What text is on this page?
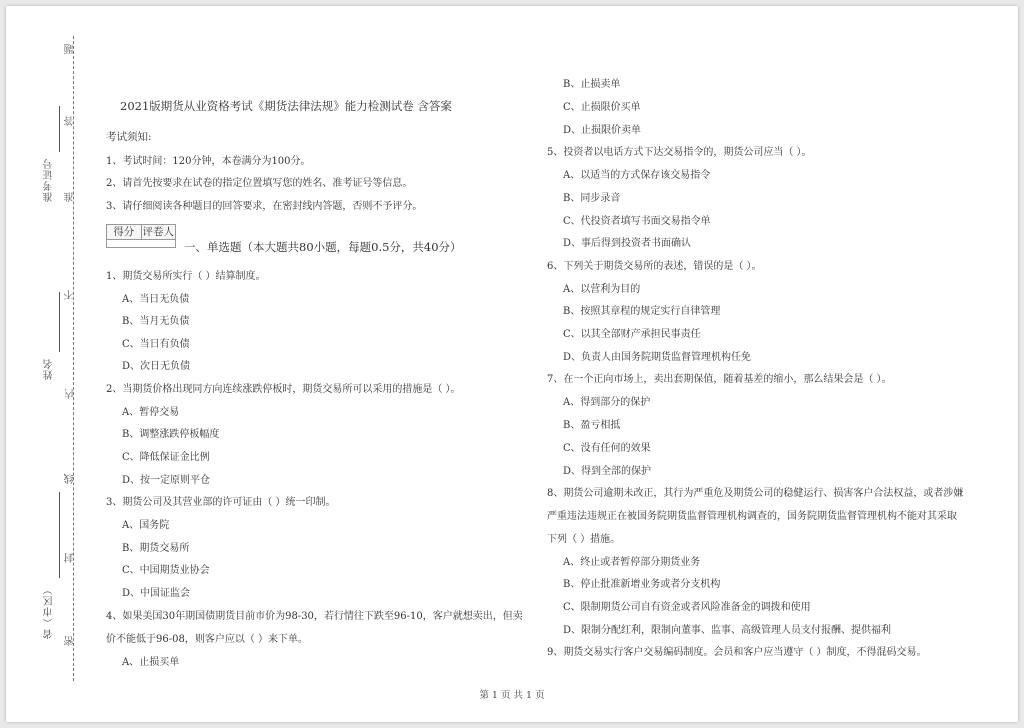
题
答
准
不
内
线
封
密
准考证号
姓名
省（市区）
2021版期货从业资格考试《期货法律法规》能力检测试卷 含答案
考试须知:
1、考试时间：120分钟，本卷满分为100分。
2、请首先按要求在试卷的指定位置填写您的姓名、准考证号等信息。
3、请仔细阅读各种题目的回答要求，在密封线内答题，否则不予评分。
得分 评卷人
一、单选题（本大题共80小题，每题0.5分，共40分）
1、期货交易所实行（ ）结算制度。
A、当日无负债
B、当月无负债
C、当日有负债
D、次日无负债
2、当期货价格出现同方向连续涨跌停板时，期货交易所可以采用的措施是（ ）。
A、暂停交易
B、调整涨跌停板幅度
C、降低保证金比例
D、按一定原则平仓
3、期货公司及其营业部的许可证由（ ）统一印制。
A、国务院
B、期货交易所
C、中国期货业协会
D、中国证监会
4、如果美国30年期国债期货目前市价为98-30，若行情往下跌至96-10，客户就想卖出，但卖
价不能低于96-08，则客户应以（ ）来下单。
A、止损买单
B、止损卖单
C、止损限价买单
D、止损限价卖单
5、投资者以电话方式下达交易指令的，期货公司应当（ ）。
A、以适当的方式保存该交易指令
B、同步录音
C、代投资者填写书面交易指令单
D、事后得到投资者书面确认
6、下列关于期货交易所的表述，错误的是（ ）。
A、以营利为目的
B、按照其章程的规定实行自律管理
C、以其全部财产承担民事责任
D、负责人由国务院期货监督管理机构任免
7、在一个正向市场上，卖出套期保值，随着基差的缩小，那么结果会是（ ）。
A、得到部分的保护
B、盈亏相抵
C、没有任何的效果
D、得到全部的保护
8、期货公司逾期未改正，其行为严重危及期货公司的稳健运行、损害客户合法权益，或者涉嫌
严重违法违规正在被国务院期货监督管理机构调查的，国务院期货监督管理机构不能对其采取
下列（ ）措施。
A、终止或者暂停部分期货业务
B、停止批准新增业务或者分支机构
C、限制期货公司自有资金或者风险准备金的调拨和使用
D、限制分配红利，限制向董事、监事、高级管理人员支付报酬、提供福利
9、期货交易实行客户交易编码制度。会员和客户应当遵守（ ）制度，不得混码交易。
第 1 页 共 1 页
